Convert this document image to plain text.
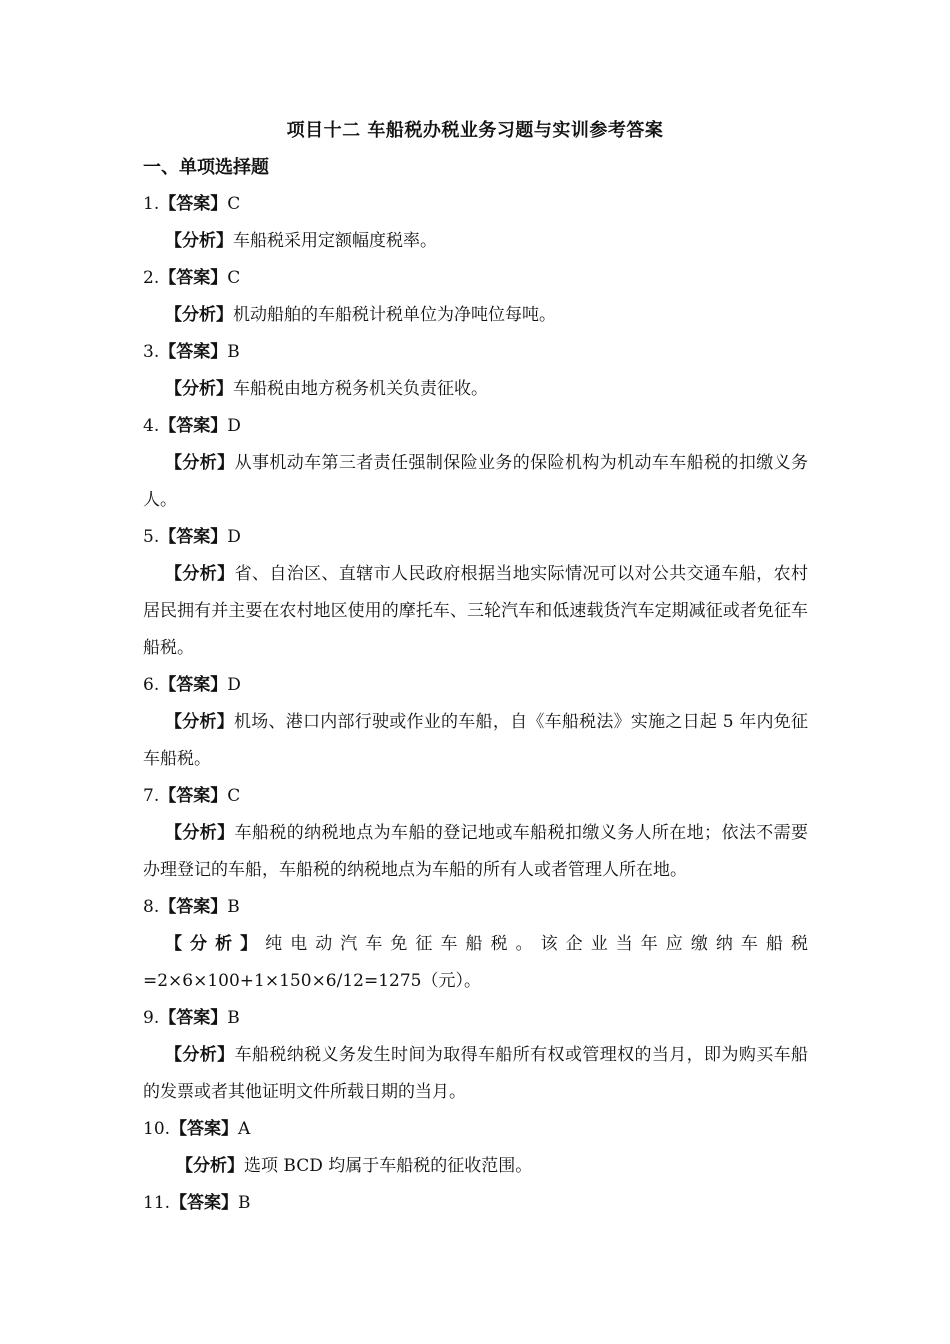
项目十二 车船税办税业务习题与实训参考答案
一、单项选择题
1.【答案】C
【分析】车船税采用定额幅度税率。
2.【答案】C
【分析】机动船舶的车船税计税单位为净吨位每吨。
3.【答案】B
【分析】车船税由地方税务机关负责征收。
4.【答案】D
【分析】从事机动车第三者责任强制保险业务的保险机构为机动车车船税的扣缴义务人。
5.【答案】D
【分析】省、自治区、直辖市人民政府根据当地实际情况可以对公共交通车船，农村居民拥有并主要在农村地区使用的摩托车、三轮汽车和低速载货汽车定期减征或者免征车船税。
6.【答案】D
【分析】机场、港口内部行驶或作业的车船，自《车船税法》实施之日起 5 年内免征车船税。
7.【答案】C
【分析】车船税的纳税地点为车船的登记地或车船税扣缴义务人所在地；依法不需要办理登记的车船，车船税的纳税地点为车船的所有人或者管理人所在地。
8.【答案】B
【分析】纯电动汽车免征车船税。该企业当年应缴纳车船税=2×6×100+1×150×6/12=1275（元）。
9.【答案】B
【分析】车船税纳税义务发生时间为取得车船所有权或管理权的当月，即为购买车船的发票或者其他证明文件所载日期的当月。
10.【答案】A
【分析】选项 BCD 均属于车船税的征收范围。
11.【答案】B
